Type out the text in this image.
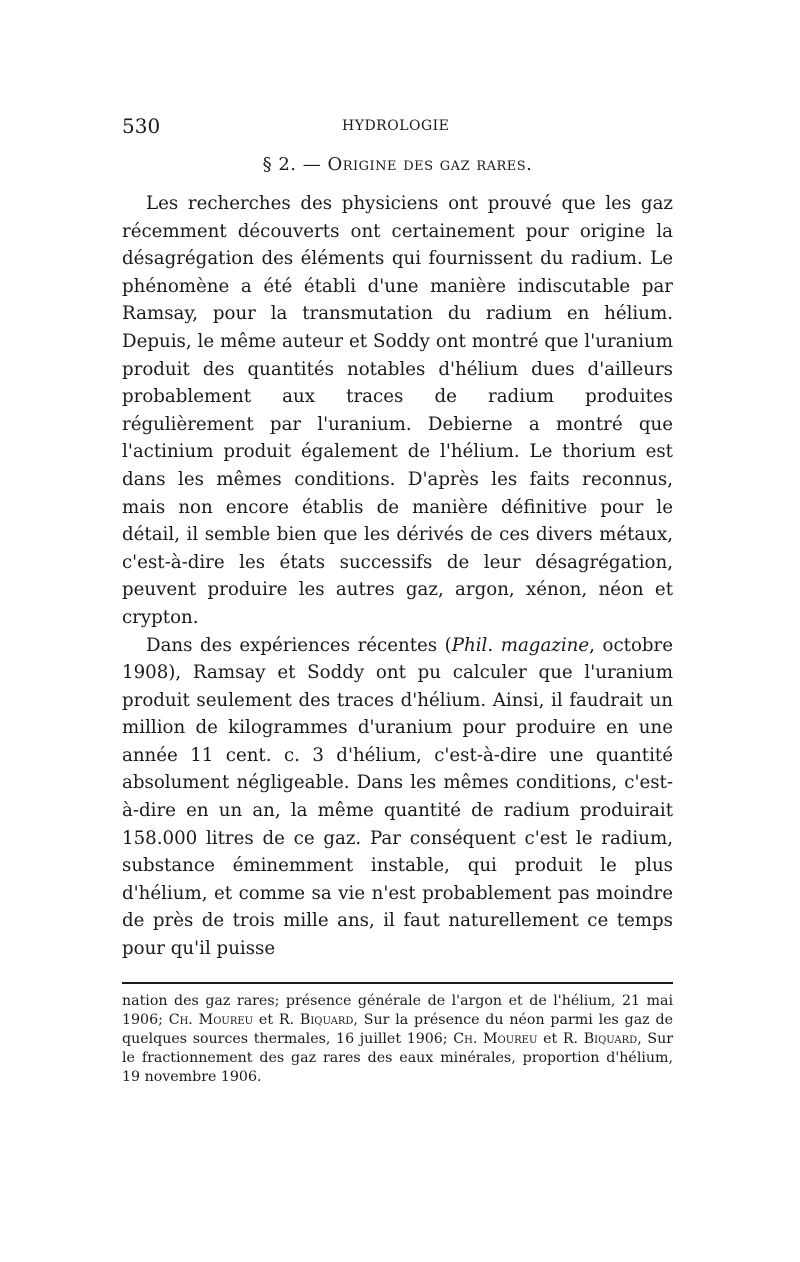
530	HYDROLOGIE
§ 2. — Origine des gaz rares.

Les recherches des physiciens ont prouvé que les gaz récemment découverts ont certainement pour origine la désagrégation des éléments qui fournissent du radium. Le phénomène a été établi d'une manière indiscutable par Ramsay, pour la transmutation du radium en hélium. Depuis, le même auteur et Soddy ont montré que l'uranium produit des quantités notables d'hélium dues d'ailleurs probablement aux traces de radium produites régulièrement par l'uranium. Debierne a montré que l'actinium produit également de l'hélium. Le thorium est dans les mêmes conditions. D'après les faits reconnus, mais non encore établis de manière définitive pour le détail, il semble bien que les dérivés de ces divers métaux, c'est-à-dire les états successifs de leur désagrégation, peuvent produire les autres gaz, argon, xénon, néon et crypton.

Dans des expériences récentes (Phil. magazine, octobre 1908), Ramsay et Soddy ont pu calculer que l'uranium produit seulement des traces d'hélium. Ainsi, il faudrait un million de kilogrammes d'uranium pour produire en une année 11 cent. c. 3 d'hélium, c'est-à-dire une quantité absolument négligeable. Dans les mêmes conditions, c'est-à-dire en un an, la même quantité de radium produirait 158.000 litres de ce gaz. Par conséquent c'est le radium, substance éminemment instable, qui produit le plus d'hélium, et comme sa vie n'est probablement pas moindre de près de trois mille ans, il faut naturellement ce temps pour qu'il puisse

nation des gaz rares; présence générale de l'argon et de l'hélium, 21 mai 1906; Ch. Moureu et R. Biquard, Sur la présence du néon parmi les gaz de quelques sources thermales, 16 juillet 1906; Ch. Moureu et R. Biquard, Sur le fractionnement des gaz rares des eaux minérales, proportion d'hélium, 19 novembre 1906.
